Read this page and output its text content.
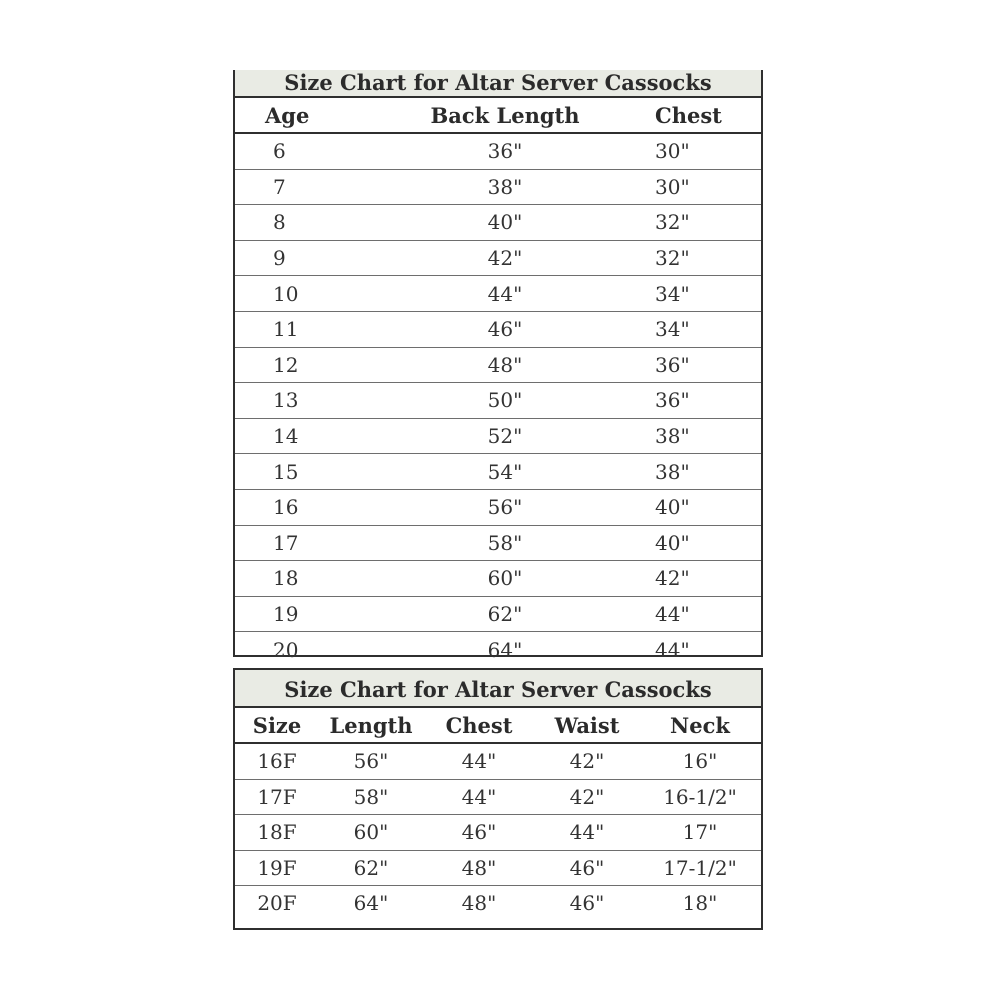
Size Chart for Altar Server Cassocks
Age	Back Length	Chest
6	36"	30"
7	38"	30"
8	40"	32"
9	42"	32"
10	44"	34"
11	46"	34"
12	48"	36"
13	50"	36"
14	52"	38"
15	54"	38"
16	56"	40"
17	58"	40"
18	60"	42"
19	62"	44"
20	64"	44"
Size Chart for Altar Server Cassocks
Size	Length	Chest	Waist	Neck
16F	56"	44"	42"	16"
17F	58"	44"	42"	16-1/2"
18F	60"	46"	44"	17"
19F	62"	48"	46"	17-1/2"
20F	64"	48"	46"	18"
